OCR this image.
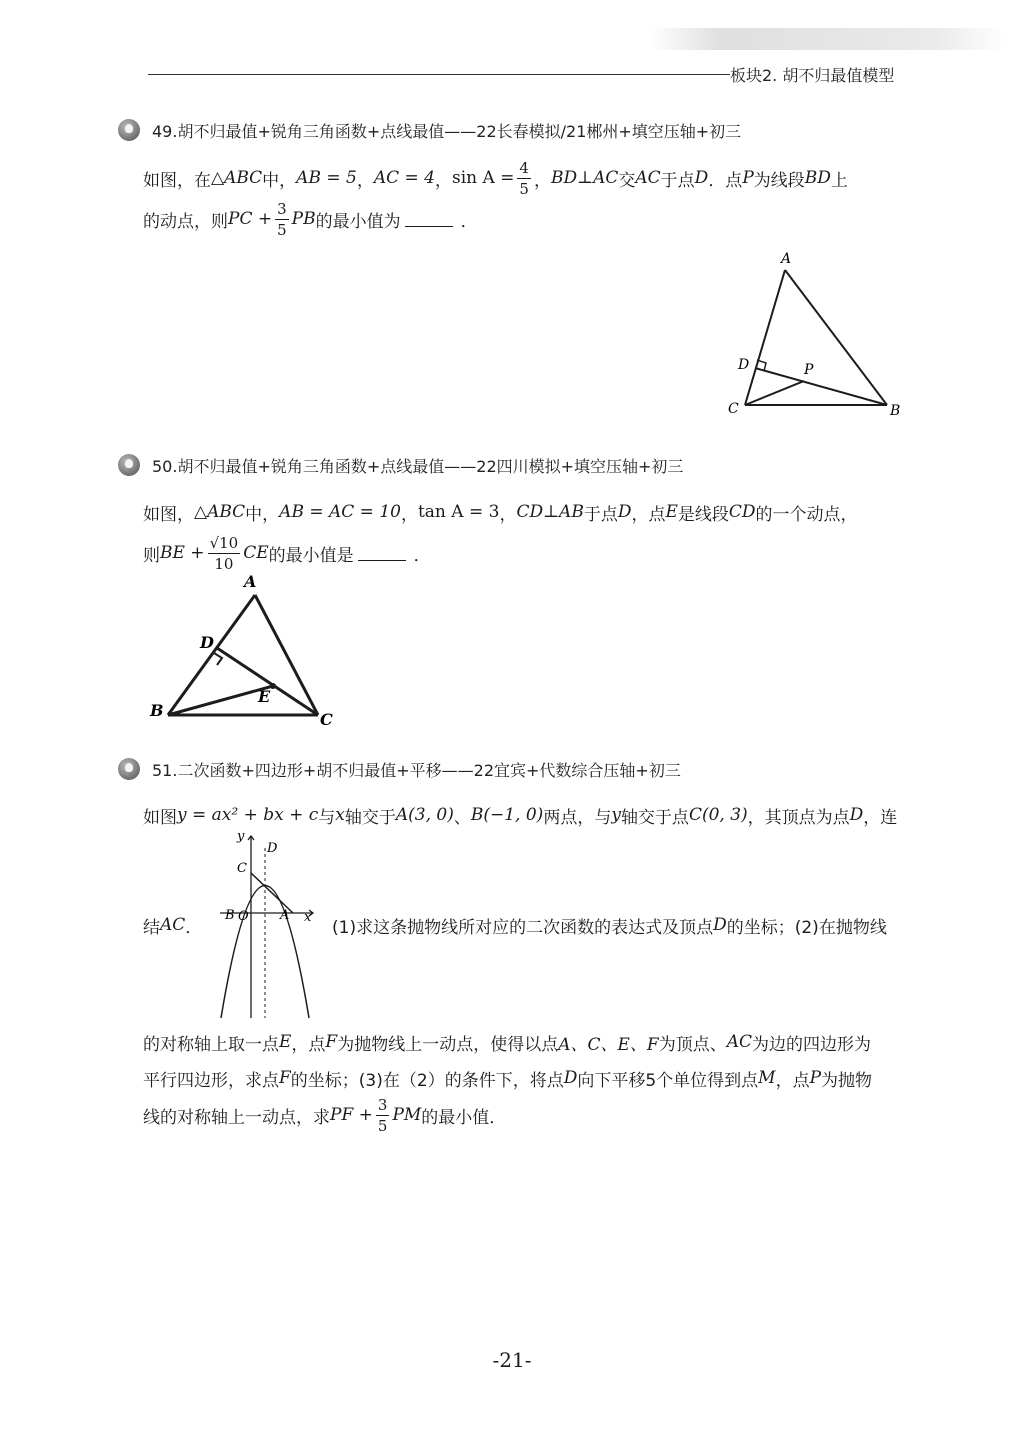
板块2. 胡不归最值模型
49.胡不归最值+锐角三角函数+点线最值——22长春模拟/21郴州+填空压轴+初三
如图，在 △ABC 中， AB = 5 ， AC = 4 ， $\sin A = \frac{4}{5}$ ， BD⊥AC 交 AC 于点 D ．点 P 为线段 BD 上
的动点，则 PC + $\frac{3}{5}$ PB 的最小值为	．
A
D	P
C	B
50.胡不归最值+锐角三角函数+点线最值——22四川模拟+填空压轴+初三
如图， △ABC 中， AB = AC = 10 ， tan A = 3 ， CD⊥AB 于点 D ，点 E 是线段 CD 的一个动点，
则 BE + $\frac{√10}{10}$ CE 的最小值是	．
A
D
E
B	C
51.二次函数+四边形+胡不归最值+平移——22宜宾+代数综合压轴+初三
如图 y = ax² + bx + c 与 x 轴交于 A(3, 0) 、 B(−1, 0) 两点，与 y 轴交于点 C(0, 3) ，其顶点为点 D ，连
结 AC ．
y
D
C
B O A x (1)求这条抛物线所对应的二次函数的表达式及顶点 D 的坐标；(2)在抛物线
的对称轴上取一点 E ，点 F 为抛物线上一动点，使得以点 A、C、E、F 为顶点、 AC 为边的四边形为
平行四边形，求点 F 的坐标；(3)在（2）的条件下，将点 D 向下平移5个单位得到点 M ，点 P 为抛物
线的对称轴上一动点，求 PF + $\frac{3}{5}$ PM 的最小值．
-21-
